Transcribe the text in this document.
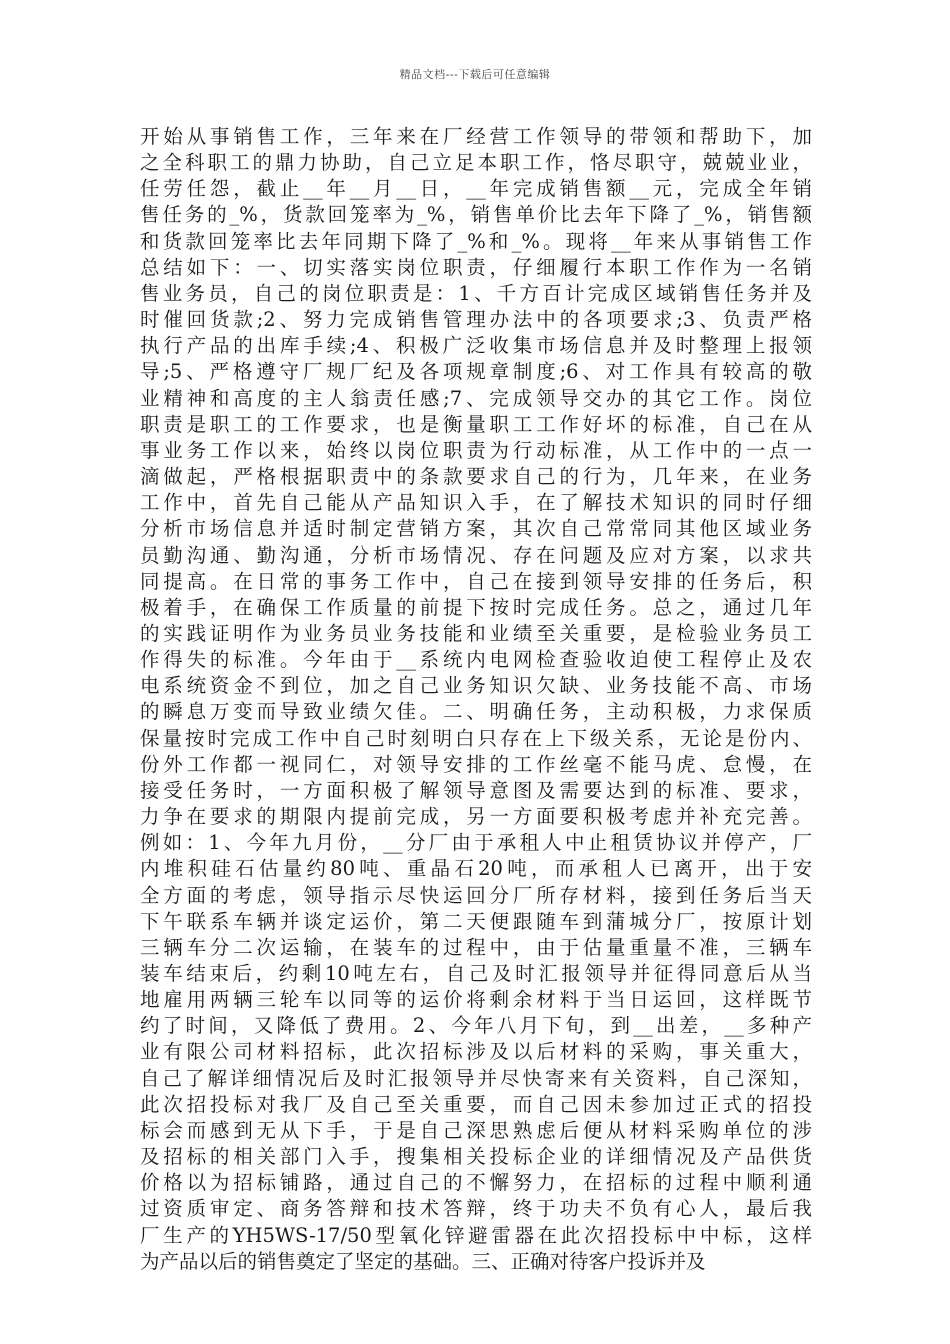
精品文档---下载后可任意编辑
开始从事销售工作，三年来在厂经营工作领导的带领和帮助下，加
之全科职工的鼎力协助，自己立足本职工作，恪尽职守，兢兢业业，
任劳任怨，截止__年__月__日，__年完成销售额__元，完成全年销
售任务的_%，货款回笼率为_%，销售单价比去年下降了_%，销售额
和货款回笼率比去年同期下降了_%和_%。现将__年来从事销售工作
总结如下：一、切实落实岗位职责，仔细履行本职工作作为一名销
售业务员，自己的岗位职责是：1、千方百计完成区域销售任务并及
时催回货款;2、努力完成销售管理办法中的各项要求;3、负责严格
执行产品的出库手续;4、积极广泛收集市场信息并及时整理上报领
导;5、严格遵守厂规厂纪及各项规章制度;6、对工作具有较高的敬
业精神和高度的主人翁责任感;7、完成领导交办的其它工作。岗位
职责是职工的工作要求，也是衡量职工工作好坏的标准，自己在从
事业务工作以来，始终以岗位职责为行动标准，从工作中的一点一
滴做起，严格根据职责中的条款要求自己的行为，几年来，在业务
工作中，首先自己能从产品知识入手，在了解技术知识的同时仔细
分析市场信息并适时制定营销方案，其次自己常常同其他区域业务
员勤沟通、勤沟通，分析市场情况、存在问题及应对方案，以求共
同提高。在日常的事务工作中，自己在接到领导安排的任务后，积
极着手，在确保工作质量的前提下按时完成任务。总之，通过几年
的实践证明作为业务员业务技能和业绩至关重要，是检验业务员工
作得失的标准。今年由于__系统内电网检查验收迫使工程停止及农
电系统资金不到位，加之自己业务知识欠缺、业务技能不高、市场
的瞬息万变而导致业绩欠佳。二、明确任务，主动积极，力求保质
保量按时完成工作中自己时刻明白只存在上下级关系，无论是份内、
份外工作都一视同仁，对领导安排的工作丝毫不能马虎、怠慢，在
接受任务时，一方面积极了解领导意图及需要达到的标准、要求，
力争在要求的期限内提前完成，另一方面要积极考虑并补充完善。
例如：1、今年九月份，__分厂由于承租人中止租赁协议并停产，厂
内堆积硅石估量约80吨、重晶石20吨，而承租人已离开，出于安
全方面的考虑，领导指示尽快运回分厂所存材料，接到任务后当天
下午联系车辆并谈定运价，第二天便跟随车到蒲城分厂，按原计划
三辆车分二次运输，在装车的过程中，由于估量重量不准，三辆车
装车结束后，约剩10吨左右，自己及时汇报领导并征得同意后从当
地雇用两辆三轮车以同等的运价将剩余材料于当日运回，这样既节
约了时间，又降低了费用。2、今年八月下旬，到__出差，__多种产
业有限公司材料招标，此次招标涉及以后材料的采购，事关重大，
自己了解详细情况后及时汇报领导并尽快寄来有关资料，自己深知，
此次招投标对我厂及自己至关重要，而自己因未参加过正式的招投
标会而感到无从下手，于是自己深思熟虑后便从材料采购单位的涉
及招标的相关部门入手，搜集相关投标企业的详细情况及产品供货
价格以为招标铺路，通过自己的不懈努力，在招标的过程中顺利通
过资质审定、商务答辩和技术答辩，终于功夫不负有心人，最后我
厂生产的YH5WS-17/50型氧化锌避雷器在此次招投标中中标，这样
为产品以后的销售奠定了坚定的基础。三、正确对待客户投诉并及
